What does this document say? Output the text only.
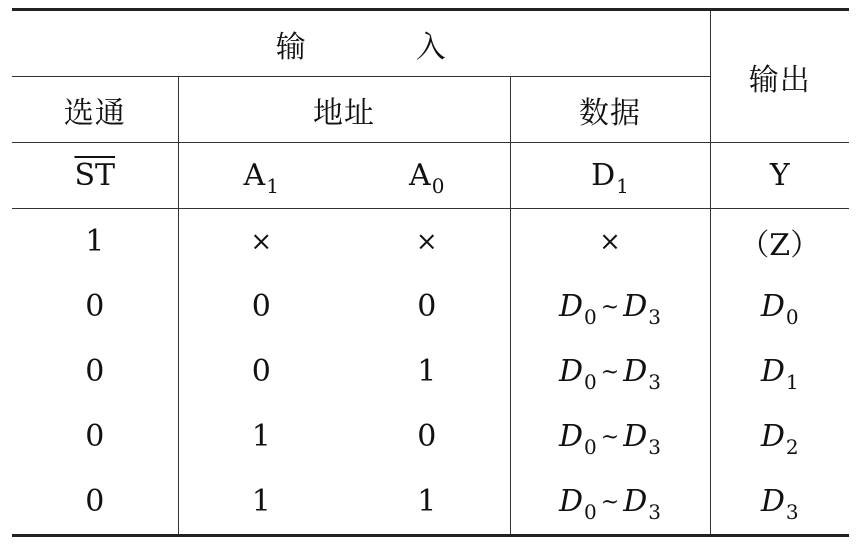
输　入				输出
选通	地址		数据	
$\overline{ST}$	$A_1$	$A_0$	$D_1$	Y
1	×	×	×	（Z）
0	0	0	$D_0$ ~ $D_3$	$D_0$
0	0	1	$D_0$ ~ $D_3$	$D_1$
0	1	0	$D_0$ ~ $D_3$	$D_2$
0	1	1	$D_0$ ~ $D_3$	$D_3$
